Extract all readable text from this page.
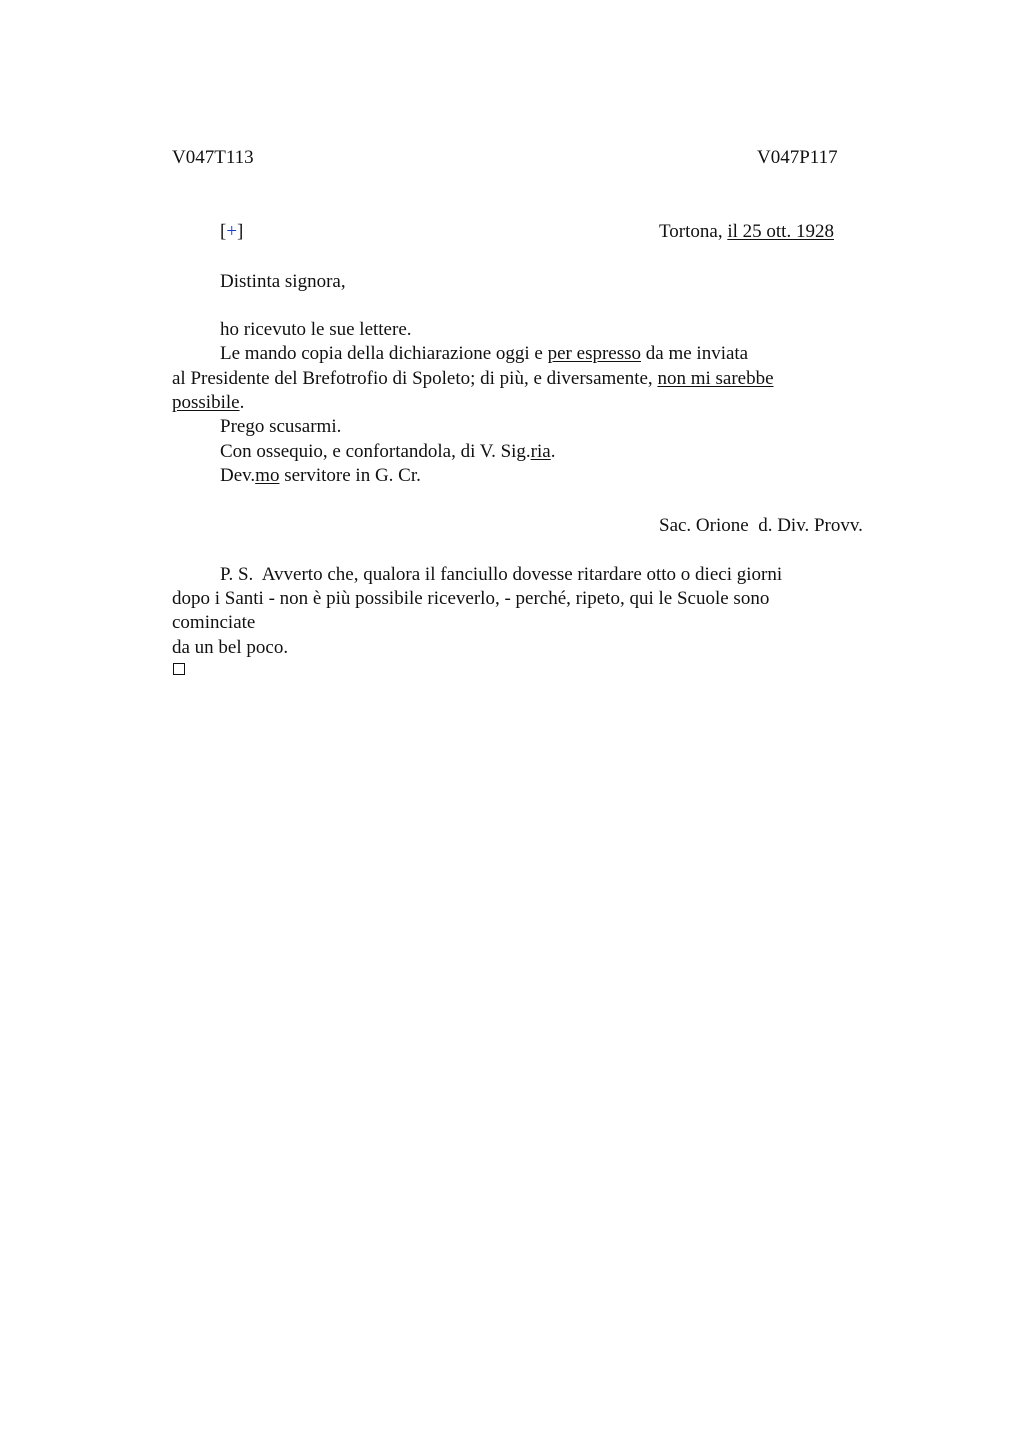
V047T113	V047P117
[+]	Tortona, il 25 ott. 1928
Distinta signora,
ho ricevuto le sue lettere.
Le mando copia della dichiarazione oggi e per espresso da me inviata
al Presidente del Brefotrofio di Spoleto; di più, e diversamente, non mi sarebbe
possibile.
Prego scusarmi.
Con ossequio, e confortandola, di V. Sig.ria.
Dev.mo servitore in G. Cr.
Sac. Orione  d. Div. Provv.
P. S.  Avverto che, qualora il fanciullo dovesse ritardare otto o dieci giorni
dopo i Santi - non è più possibile riceverlo, - perché, ripeto, qui le Scuole sono
cominciate
da un bel poco.
